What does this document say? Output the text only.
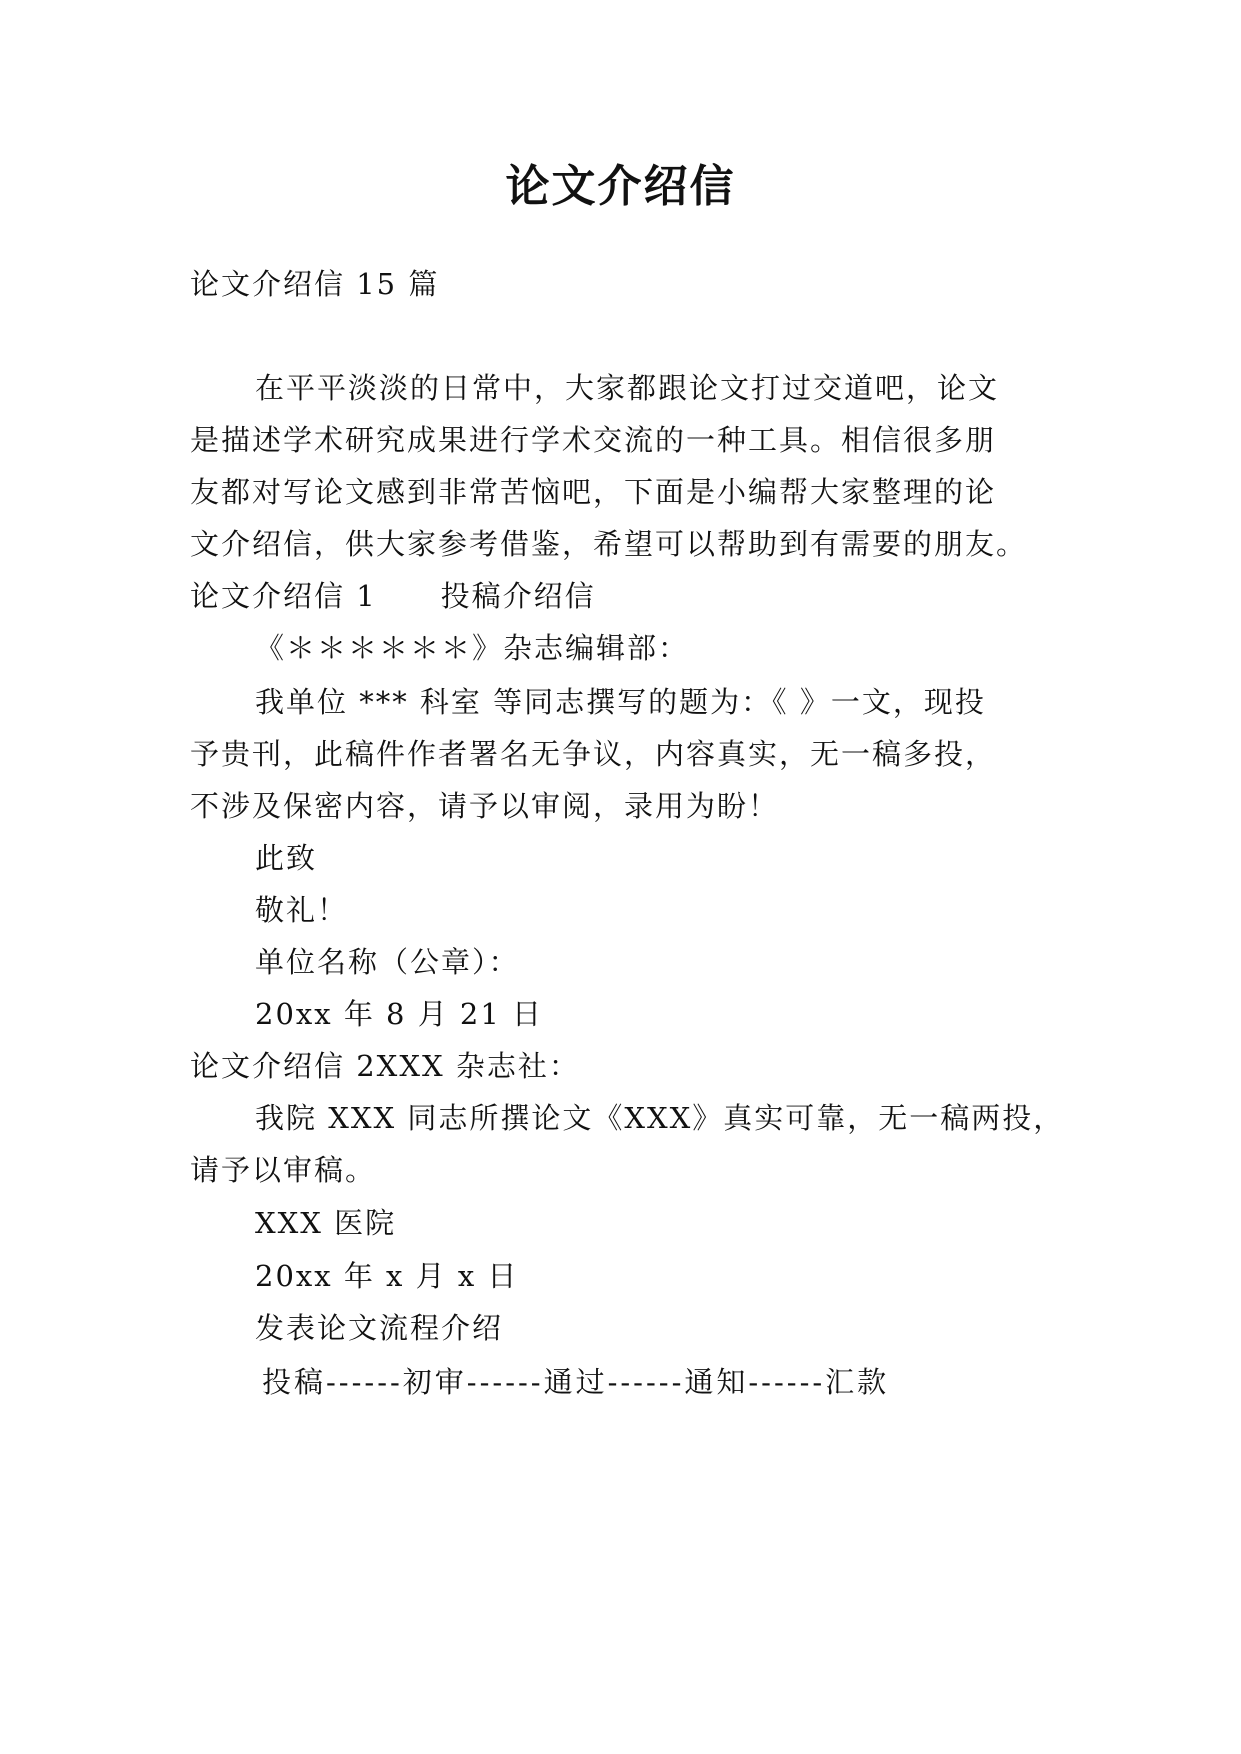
论文介绍信
论文介绍信 15 篇
在平平淡淡的日常中，大家都跟论文打过交道吧，论文
是描述学术研究成果进行学术交流的一种工具。相信很多朋
友都对写论文感到非常苦恼吧，下面是小编帮大家整理的论
文介绍信，供大家参考借鉴，希望可以帮助到有需要的朋友。
论文介绍信 1 投稿介绍信
《＊＊＊＊＊＊》杂志编辑部：
我单位 *** 科室 等同志撰写的题为：《 》一文，现投
予贵刊，此稿件作者署名无争议，内容真实，无一稿多投，
不涉及保密内容，请予以审阅，录用为盼！
此致
敬礼！
单位名称（公章）：
20xx 年 8 月 21 日
论文介绍信 2XXX 杂志社：
我院 XXX 同志所撰论文《XXX》真实可靠，无一稿两投，
请予以审稿。
XXX 医院
20xx 年 x 月 x 日
发表论文流程介绍
投稿------初审------通过------通知------汇款
